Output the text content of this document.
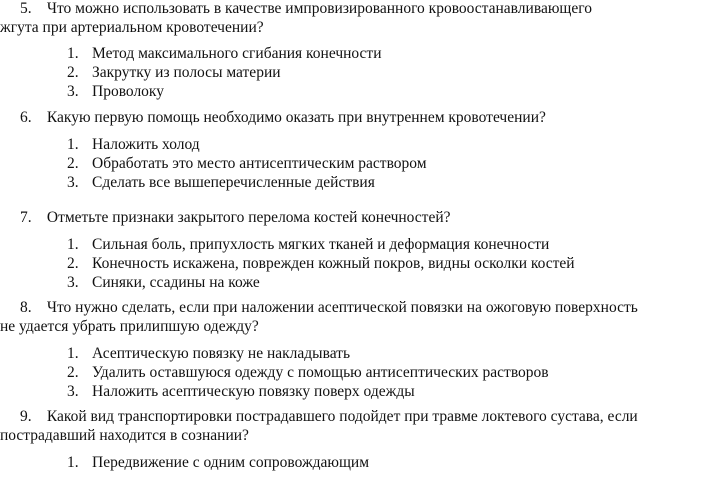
5. Что можно использовать в качестве импровизированного кровоостанавливающего
жгута при артериальном кровотечении?
1. Метод максимального сгибания конечности
2. Закрутку из полосы материи
3. Проволоку
6. Какую первую помощь необходимо оказать при внутреннем кровотечении?
1. Наложить холод
2. Обработать это место антисептическим раствором
3. Сделать все вышеперечисленные действия
7. Отметьте признаки закрытого перелома костей конечностей?
1. Сильная боль, припухлость мягких тканей и деформация конечности
2. Конечность искажена, поврежден кожный покров, видны осколки костей
3. Синяки, ссадины на коже
8. Что нужно сделать, если при наложении асептической повязки на ожоговую поверхность
не удается убрать прилипшую одежду?
1. Асептическую повязку не накладывать
2. Удалить оставшуюся одежду с помощью антисептических растворов
3. Наложить асептическую повязку поверх одежды
9. Какой вид транспортировки пострадавшего подойдет при травме локтевого сустава, если
пострадавший находится в сознании?
1. Передвижение с одним сопровождающим
